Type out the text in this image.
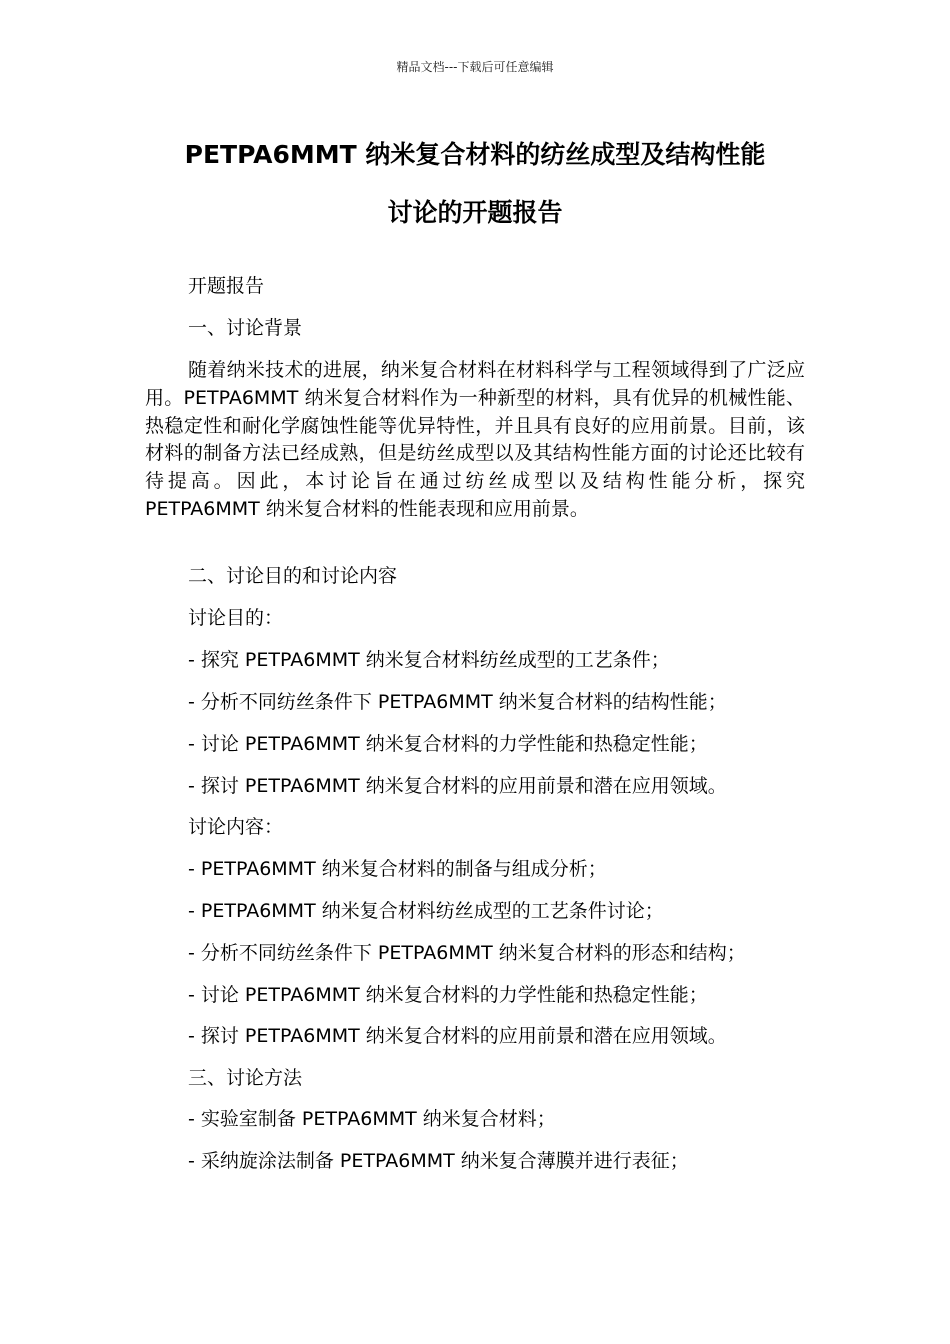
精品文档---下载后可任意编辑
PETPA6MMT 纳米复合材料的纺丝成型及结构性能
讨论的开题报告
开题报告
一、讨论背景

随着纳米技术的进展，纳米复合材料在材料科学与工程领域得到了广泛应用。PETPA6MMT 纳米复合材料作为一种新型的材料，具有优异的机械性能、热稳定性和耐化学腐蚀性能等优异特性，并且具有良好的应用前景。目前，该材料的制备方法已经成熟，但是纺丝成型以及其结构性能方面的讨论还比较有待提高。因此，本讨论旨在通过纺丝成型以及结构性能分析，探究 PETPA6MMT 纳米复合材料的性能表现和应用前景。

二、讨论目的和讨论内容
讨论目的：
- 探究 PETPA6MMT 纳米复合材料纺丝成型的工艺条件；
- 分析不同纺丝条件下 PETPA6MMT 纳米复合材料的结构性能；
- 讨论 PETPA6MMT 纳米复合材料的力学性能和热稳定性能；
- 探讨 PETPA6MMT 纳米复合材料的应用前景和潜在应用领域。
讨论内容：
- PETPA6MMT 纳米复合材料的制备与组成分析；
- PETPA6MMT 纳米复合材料纺丝成型的工艺条件讨论；
- 分析不同纺丝条件下 PETPA6MMT 纳米复合材料的形态和结构；
- 讨论 PETPA6MMT 纳米复合材料的力学性能和热稳定性能；
- 探讨 PETPA6MMT 纳米复合材料的应用前景和潜在应用领域。
三、讨论方法
- 实验室制备 PETPA6MMT 纳米复合材料；
- 采纳旋涂法制备 PETPA6MMT 纳米复合薄膜并进行表征；
